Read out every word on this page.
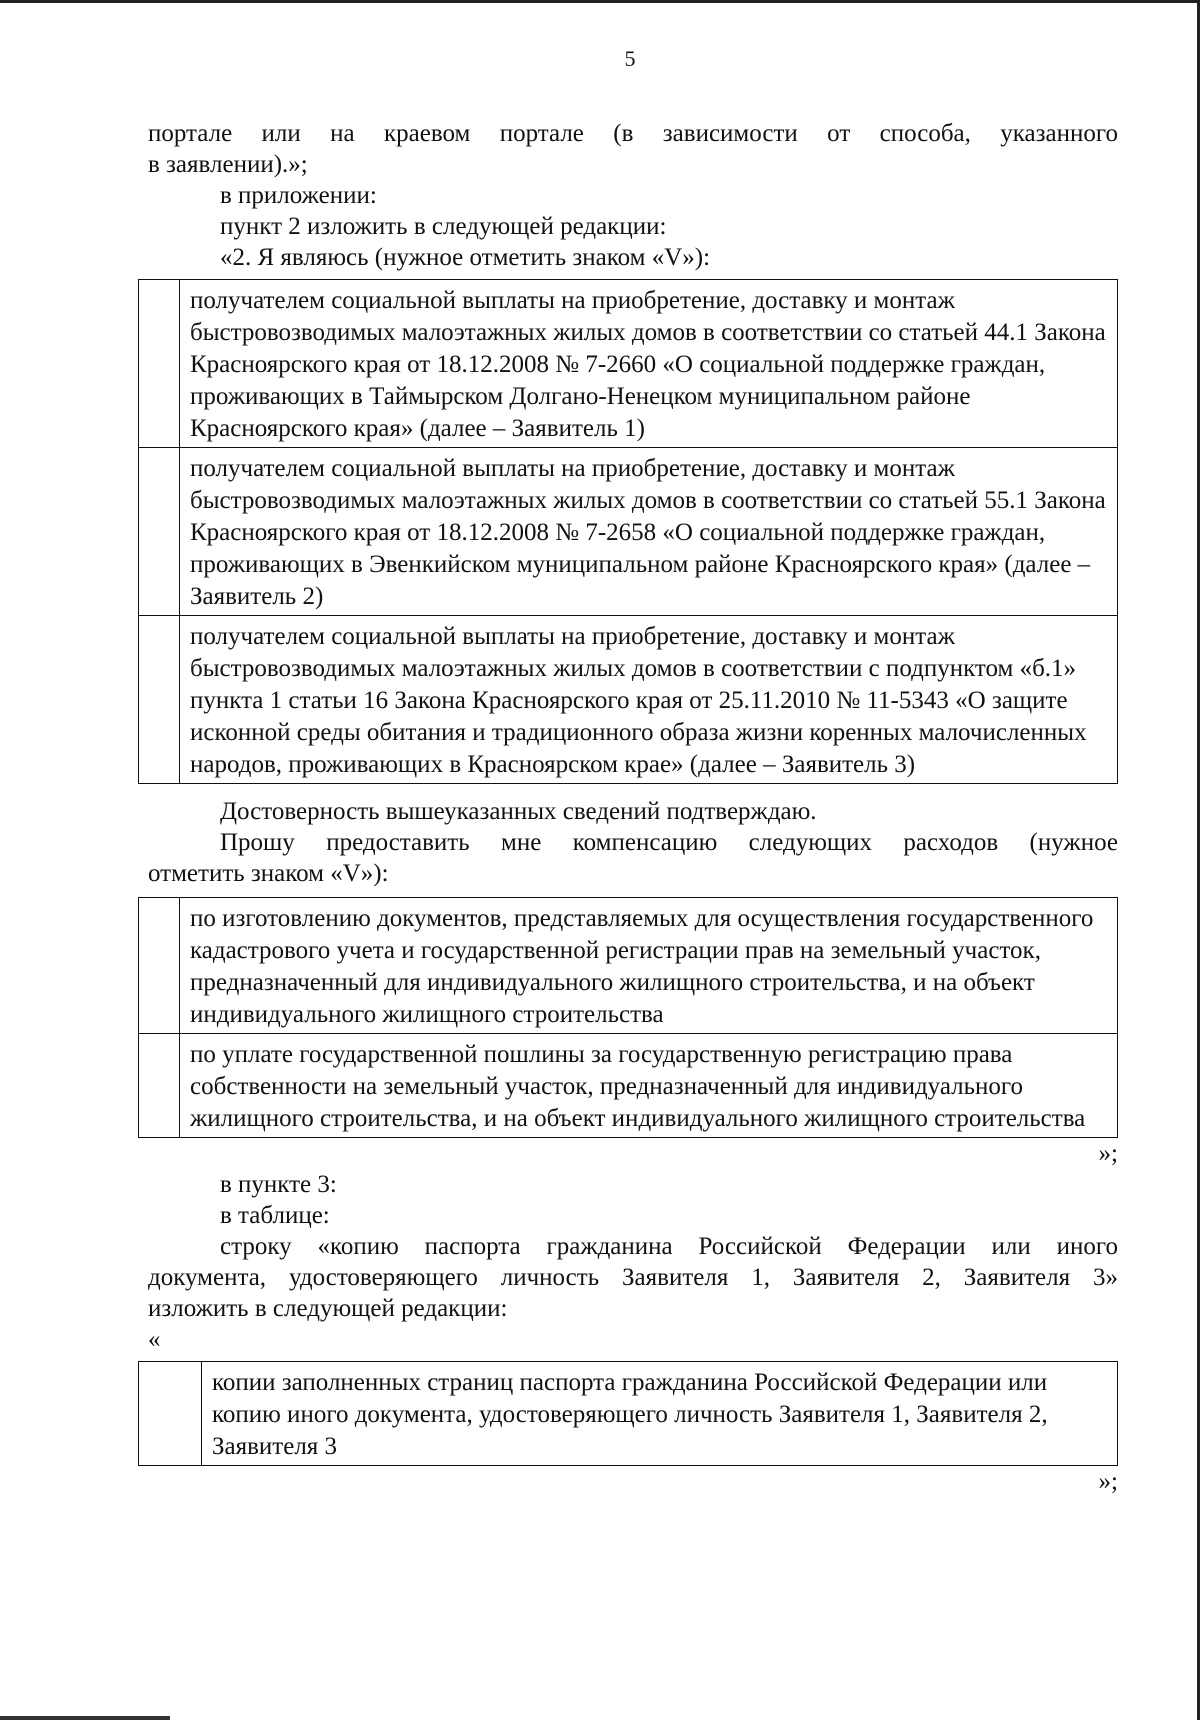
5

порталe или на краевом портале (в зависимости от способа, указанного

в заявлении).»;

в приложении:

пункт 2 изложить в следующей редакции:

«2. Я являюсь (нужное отметить знаком «V»):

	получателем социальной выплаты на приобретение, доставку и монтаж быстровозводимых малоэтажных жилых домов в соответствии со статьей 44.1 Закона Красноярского края от 18.12.2008 № 7-2660 «О социальной поддержке граждан, проживающих в Таймырском Долгано-Ненецком муниципальном районе Красноярского края» (далее – Заявитель 1)
	получателем социальной выплаты на приобретение, доставку и монтаж быстровозводимых малоэтажных жилых домов в соответствии со статьей 55.1 Закона Красноярского края от 18.12.2008 № 7-2658 «О социальной поддержке граждан, проживающих в Эвенкийском муниципальном районе Красноярского края» (далее – Заявитель 2)
	получателем социальной выплаты на приобретение, доставку и монтаж быстровозводимых малоэтажных жилых домов в соответствии с подпунктом «б.1» пункта 1 статьи 16 Закона Красноярского края от 25.11.2010 № 11-5343 «О защите исконной среды обитания и традиционного образа жизни коренных малочисленных народов, проживающих в Красноярском крае» (далее – Заявитель 3)

Достоверность вышеуказанных сведений подтверждаю.

Прошу предоставить мне компенсацию следующих расходов (нужное

отметить знаком «V»):

	по изготовлению документов, представляемых для осуществления государственного кадастрового учета и государственной регистрации прав на земельный участок, предназначенный для индивидуального жилищного строительства, и на объект индивидуального жилищного строительства
	по уплате государственной пошлины за государственную регистрацию права собственности на земельный участок, предназначенный для индивидуального жилищного строительства, и на объект индивидуального жилищного строительства

»;

в пункте 3:

в таблице:

строку «копию паспорта гражданина Российской Федерации или иного

документа, удостоверяющего личность Заявителя 1, Заявителя 2, Заявителя 3»

изложить в следующей редакции:

«

	копии заполненных страниц паспорта гражданина Российской Федерации или копию иного документа, удостоверяющего личность Заявителя 1, Заявителя 2, Заявителя 3

»;
